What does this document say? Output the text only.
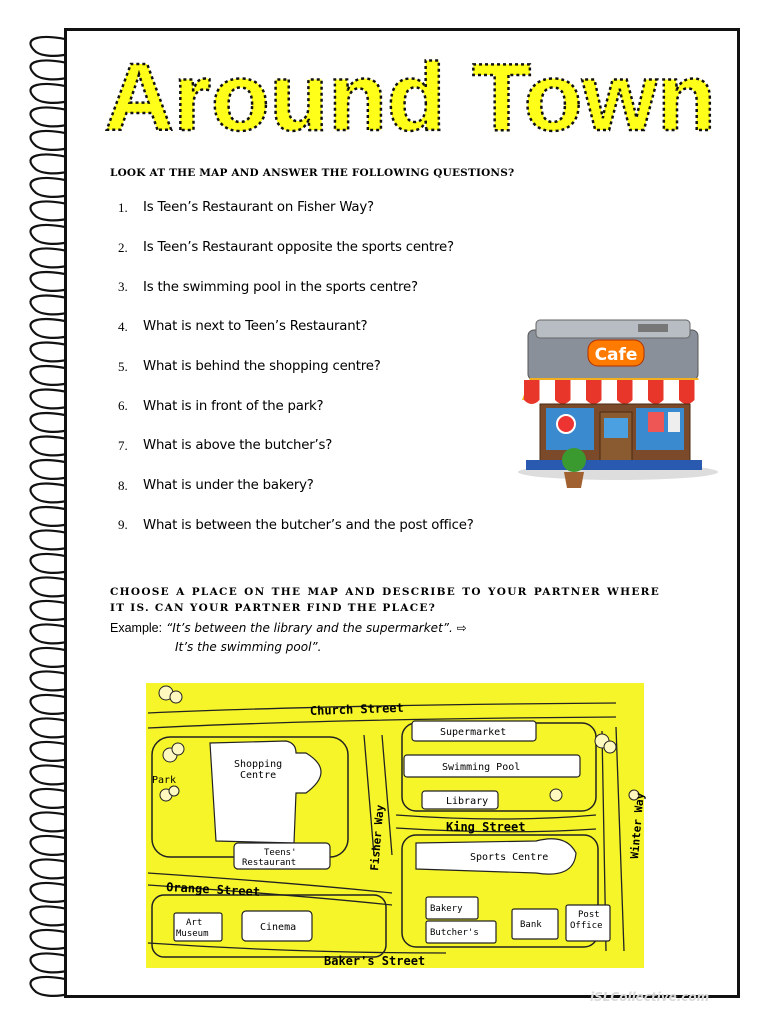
Around Town
LOOK AT THE MAP AND ANSWER THE FOLLOWING QUESTIONS?
1.	Is Teen’s Restaurant on Fisher Way?
2.	Is Teen’s Restaurant opposite the sports centre?
3.	Is the swimming pool in the sports centre?
4.	What is next to Teen’s Restaurant?
5.	What is behind the shopping centre?
6.	What is in front of the park?
7.	What is above the butcher’s?
8.	What is under the bakery?
9.	What is between the butcher’s and the post office?
Cafe
CHOOSE A PLACE ON THE MAP AND DESCRIBE TO YOUR PARTNER WHERE IT IS. CAN YOUR PARTNER FIND THE PLACE?
Example: “It’s between the library and the supermarket”. ⇨
It’s the swimming pool”.
Church Street
King Street
Orange Street
Baker's Street
Fisher Way	Winter Way
Park
Shopping
Centre
Supermarket
Swimming Pool
Library
Teens'
Restaurant	Sports Centre
Art
Museum
Cinema
Bakery
Butcher's
Bank
Post
Office
iSLCollective.com
